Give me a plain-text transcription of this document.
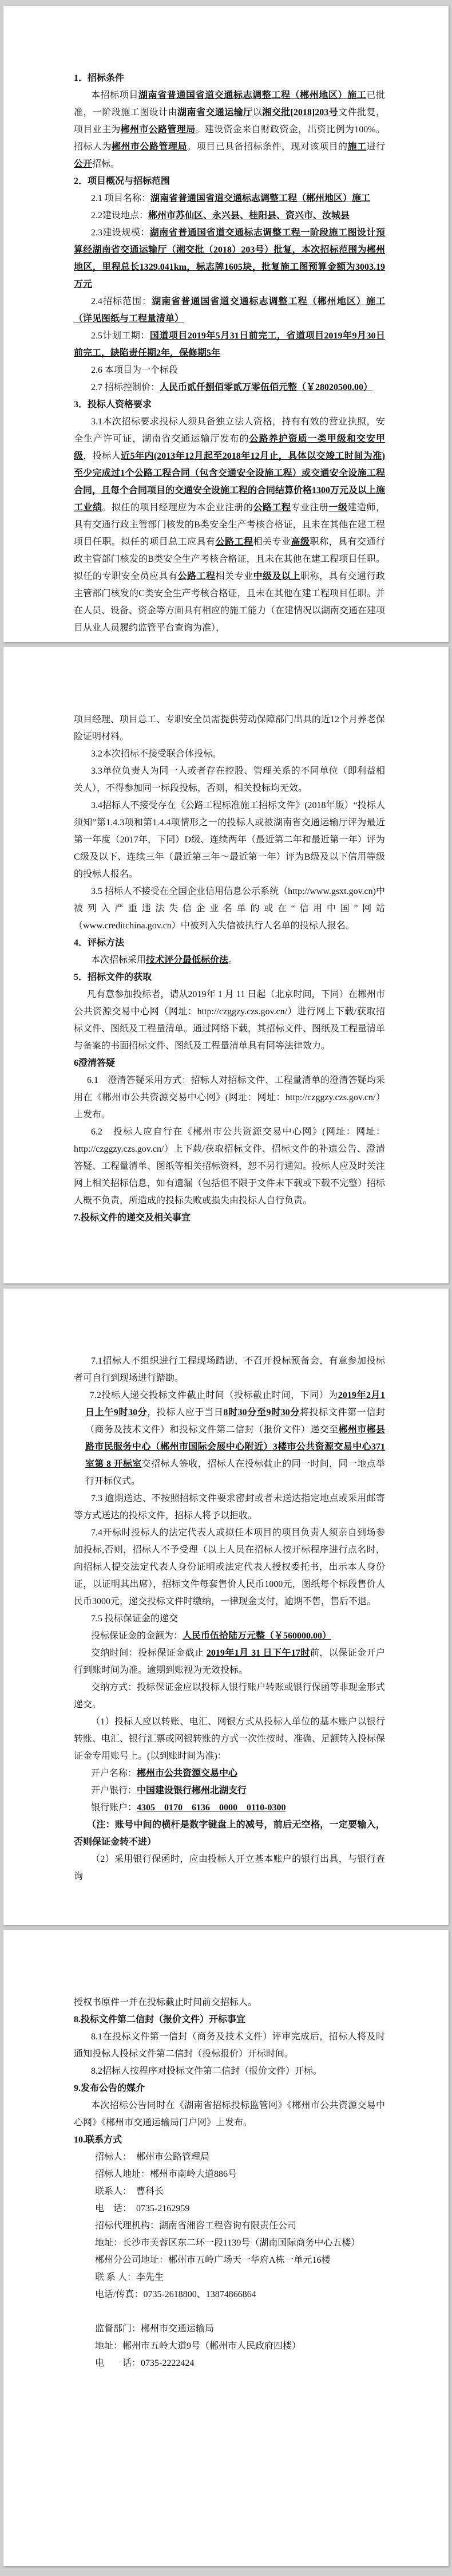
1．招标条件

本招标项目湖南省普通国省道交通标志调整工程（郴州地区）施工已批准，一阶段施工图设计由湖南省交通运输厅以湘交批[2018]203号文件批复，项目业主为郴州市公路管理局。建设资金来自财政资金，出资比例为100%。招标人为郴州市公路管理局。项目已具备招标条件，现对该项目的施工进行公开招标。

2．项目概况与招标范围

2.1 项目名称：湖南省普通国省道交通标志调整工程（郴州地区）施工

2.2建设地点：郴州市苏仙区、永兴县、桂阳县、资兴市、汝城县

2.3建设规模：湖南省普通国省道交通标志调整工程一阶段施工图设计预算经湖南省交通运输厅（湘交批（2018）203号）批复，本次招标范围为郴州地区，里程总长1329.041km，标志牌1605块，批复施工图预算金额为3003.19万元

2.4招标范围：湖南省普通国省道交通标志调整工程（郴州地区）施工（详见图纸与工程量清单）

2.5计划工期：国道项目2019年5月31日前完工，省道项目2019年9月30日前完工，缺陷责任期2年，保修期5年

2.6 本项目为一个标段

2.7 招标控制价：人民币贰仟捌佰零贰万零伍佰元整（￥28020500.00）

3．投标人资格要求

3.1本次招标要求投标人须具备独立法人资格，持有有效的营业执照，安全生产许可证，湖南省交通运输厅发布的公路养护资质一类甲级和交安甲级，投标人近5年内(2013年12月起至2018年12月止，具体以交竣工时间为准)至少完成过1个公路工程合同（包含交通安全设施工程）或交通安全设施工程合同，且每个合同项目的交通安全设施工程的合同结算价格1300万元及以上施工业绩。拟任的项目经理应为本企业注册的公路工程专业注册一级建造师，具有交通行政主管部门核发的B类安全生产考核合格证，且未在其他在建工程项目任职。拟任的项目总工应具有公路工程相关专业高级职称，具有交通行政主管部门核发的B类安全生产考核合格证，且未在其他在建工程项目任职。拟任的专职安全员应具有公路工程相关专业中级及以上职称，具有交通行政主管部门核发的C类安全生产考核合格证，且未在其他在建工程项目任职。并在人员、设备、资金等方面具有相应的施工能力（在建情况以湖南交通在建项目从业人员履约监管平台查询为准），

项目经理、项目总工、专职安全员需提供劳动保障部门出具的近12个月养老保险证明材料。

3.2本次招标不接受联合体投标。

3.3单位负责人为同一人或者存在控股、管理关系的不同单位（即利益相关人），不得参加同一标段投标，否则，相关投标均无效。

3.4招标人不接受存在《公路工程标准施工招标文件》(2018年版）“投标人须知”第1.4.3项和第1.4.4项情形之一的投标人或被湖南省交通运输厅评为最近第一年度（2017年，下同）D级、连续两年（最近第二年和最近第一年）评为C级及以下、连续三年（最近第三年～最近第一年）评为B级及以下信用等级的投标人报名。

3.5 招标人不接受在全国企业信用信息公示系统（http://www.gsxt.gov.cn)中被列入严重违法失信企业名单的或在“信用中国”网站（www.creditchina.gov.cn）中被列入失信被执行人名单的投标人报名。

4．评标方法

本次招标采用技术评分最低标价法。

5．招标文件的获取

凡有意参加投标者，请从2019年 1 月 11 日起（北京时间，下同）在郴州市公共资源交易中心网（网址：http://czggzy.czs.gov.cn/）进行网上下载/获取招标文件、图纸及工程量清单。通过网络下载，其招标文件、图纸及工程量清单与备案的书面招标文件、图纸及工程量清单具有同等法律效力。

6澄清答疑

6.1　澄清答疑采用方式：招标人对招标文件、工程量清单的澄清答疑均采用在《郴州市公共资源交易中心网》(网址：网址：http://czggzy.czs.gov.cn/）上发布。

6.2　投标人应自行在《郴州市公共资源交易中心网》(网址：网址：http://czggzy.czs.gov.cn/）上下载/获取招标文件、招标文件的补遗公告、澄清答疑、工程量清单、图纸等相关招标资料，恕不另行通知。投标人应及时关注网上相关招标信息，如有遗漏（包括但不限于文件未下载或下载不完整）招标人概不负责，所造成的投标失败或损失由投标人自行负责。

7.投标文件的递交及相关事宜

7.1招标人不组织进行工程现场踏勘，不召开投标预备会，有意参加投标者可自行到现场进行踏勘。

7.2投标人递交投标文件截止时间（投标截止时间，下同）为2019年2月1日上午9时30分，投标人应于当日8时30分至9时30分将投标文件第一信封（商务及技术文件）和投标文件第二信封（报价文件）递交至郴州市郴县路市民服务中心（郴州市国际会展中心附近）3楼市公共资源交易中心371室第 8 开标室交招标人签收，招标人在投标截止的同一时间，同一地点举行开标仪式。

7.3 逾期送达、不按照招标文件要求密封或者未送达指定地点或采用邮寄等方式送达的投标文件，招标人将予以拒收。

7.4开标时投标人的法定代表人或拟任本项目的项目负责人须亲自到场参加投标,否则，招标人不予受理（以上人员在招标人按开标程序进行点名时，向招标人提交法定代表人身份证明或法定代表人授权委托书，出示本人身份证，以证明其出席），招标文件每套售价人民币1000元，图纸每个标段售价人民币3000元，递交投标文件时缴纳，一律现金支付，逾期不售，售后不退。

7.5 投标保证金的递交

投标保证金的金额为：人民币伍拾陆万元整（￥560000.00）

交纳时间：投标保证金截止 2019年1月 31 日下午17时前，以保证金开户行到账时间为准。逾期到账视为无效投标。

交纳方式：投标保证金应以投标人银行账户转账或银行保函等非现金形式递交。

（1）投标人应以转账、电汇、网银方式从投标人单位的基本账户以银行转账、电汇、银行汇票或网银转账的方式一次性按时、准确、足额转入投标保证金专用账号上。(以到账时间为准)：

开户名称：郴州市公共资源交易中心

开户银行：中国建设银行郴州北湖支行

银行账户：4305　0170　6136　0000　0110-0300

（注：账号中间的横杆是数字键盘上的减号，前后无空格，一定要输入，否则保证金转不进）

（2）采用银行保函时，应由投标人开立基本账户的银行出具，与银行查询

授权书原件一并在投标截止时间前交招标人。

8.投标文件第二信封（报价文件）开标事宜

8.1在投标文件第一信封（商务及技术文件）评审完成后，招标人将及时通知投标人投标文件第二信封（投标报价）开标时间。

8.2招标人按程序对投标文件第二信封（报价文件）开标。

9.发布公告的媒介

本次招标公告同时在《湖南省招标投标监管网》《郴州市公共资源交易中心网》《郴州市交通运输局门户网》上发布。

10.联系方式

招标人：　郴州市公路管理局

招标人地址：郴州市南岭大道886号

联系人：　曹科长

电　话：　0735-2162959

招标代理机构：湖南省湘咨工程咨询有限责任公司

地址：长沙市芙蓉区东二环一段1139号（湖南国际商务中心五楼）

郴州分公司地址：郴州市五岭广场天一华府A栋一单元16楼

联 系 人：李先生

电话/传真：0735-2618800、13874866864

监督部门：郴州市交通运输局

地址：郴州市五岭大道9号（郴州市人民政府四楼）

电　　话：0735-2222424
